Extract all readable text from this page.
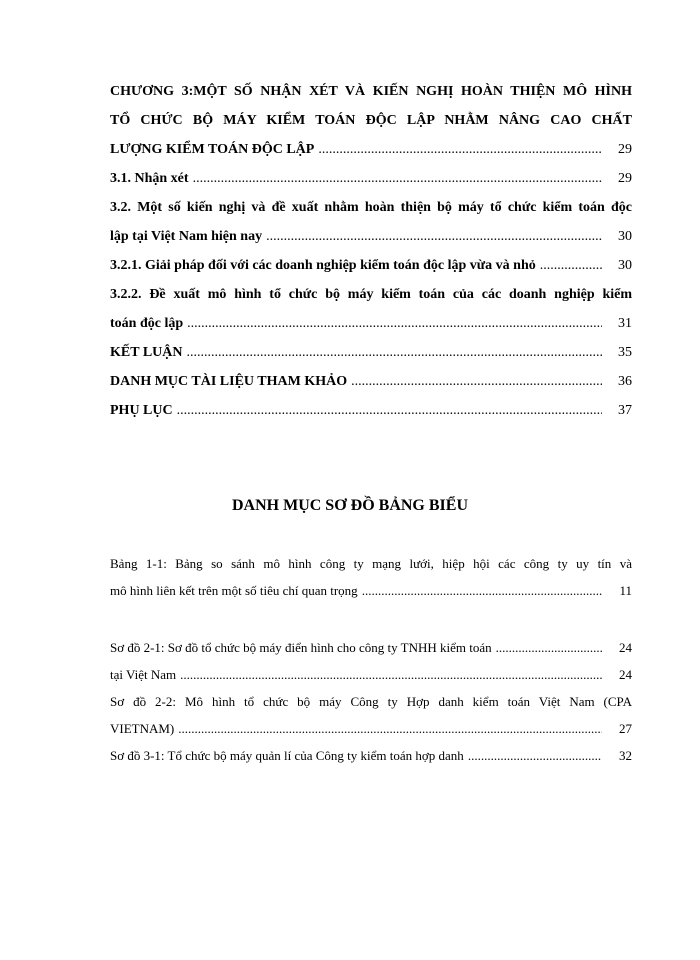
CHƯƠNG 3:MỘT SỐ NHẬN XÉT VÀ KIẾN NGHỊ HOÀN THIỆN MÔ HÌNH
TỔ CHỨC BỘ MÁY KIỂM TOÁN ĐỘC LẬP NHẰM NÂNG CAO CHẤT
LƯỢNG KIỂM TOÁN ĐỘC LẬP .....	29
3.1. Nhận xét .....	29
3.2. Một số kiến nghị và đề xuất nhằm hoàn thiện bộ máy tổ chức kiểm toán độc
lập tại Việt Nam hiện nay .....	30
3.2.1. Giải pháp đối với các doanh nghiệp kiểm toán độc lập vừa và nhỏ .....	30
3.2.2. Đề xuất mô hình tổ chức bộ máy kiểm toán của các doanh nghiệp kiểm
toán độc lập .....	31
KẾT LUẬN .....	35
DANH MỤC TÀI LIỆU THAM KHẢO .....	36
PHỤ LỤC .....	37
DANH MỤC SƠ ĐỒ BẢNG BIỂU
Bảng 1-1: Bảng so sánh mô hình công ty mạng lưới, hiệp hội các công ty uy tín và
mô hình liên kết trên một số tiêu chí quan trọng .....	11
Sơ đồ 2-1: Sơ đồ tổ chức bộ máy điển hình cho công ty TNHH kiểm toán .....	24
tại Việt Nam .....	24
Sơ đồ 2-2: Mô hình tổ chức bộ máy Công ty Hợp danh kiểm toán Việt Nam (CPA
VIETNAM) .....	27
Sơ đồ 3-1: Tổ chức bộ máy quản lí của Công ty kiểm toán hợp danh .....	32
